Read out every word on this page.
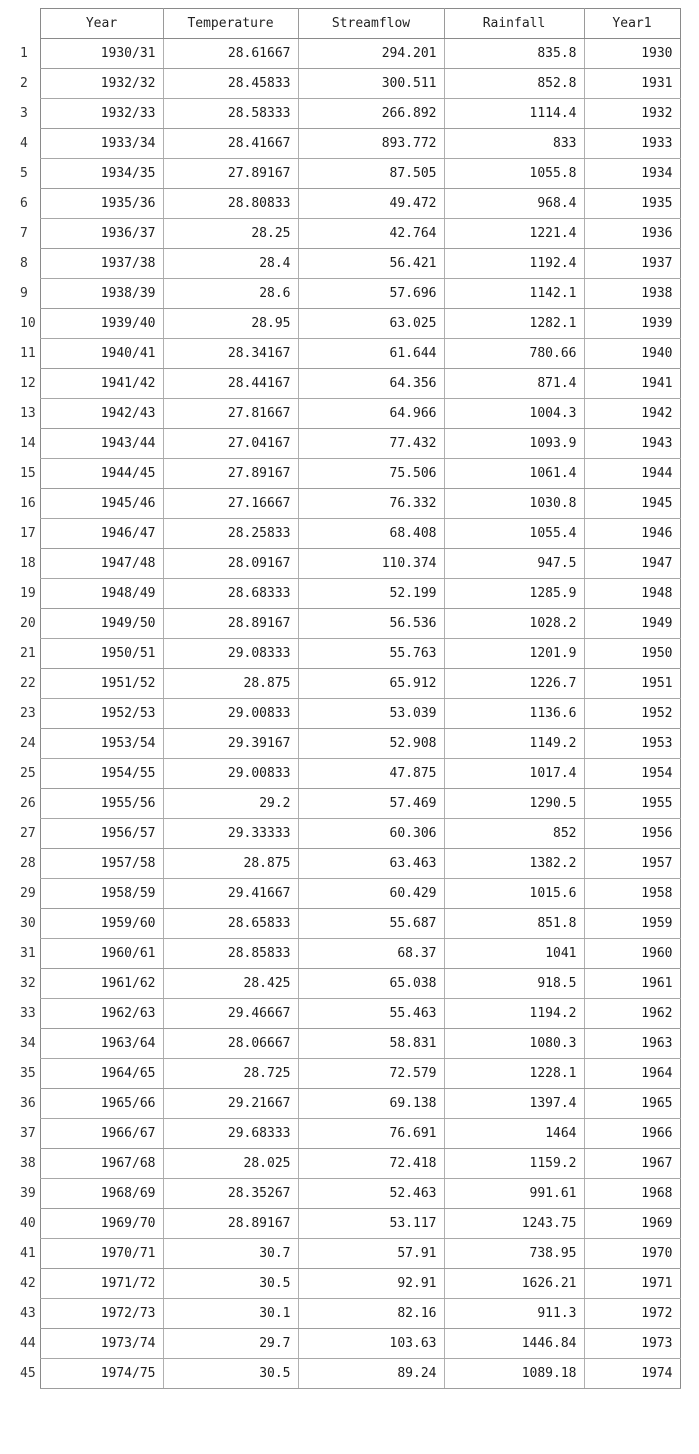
	Year	Temperature	Streamflow	Rainfall	Year1
1	1930/31	28.61667	294.201	835.8	1930
2	1932/32	28.45833	300.511	852.8	1931
3	1932/33	28.58333	266.892	1114.4	1932
4	1933/34	28.41667	893.772	833	1933
5	1934/35	27.89167	87.505	1055.8	1934
6	1935/36	28.80833	49.472	968.4	1935
7	1936/37	28.25	42.764	1221.4	1936
8	1937/38	28.4	56.421	1192.4	1937
9	1938/39	28.6	57.696	1142.1	1938
10	1939/40	28.95	63.025	1282.1	1939
11	1940/41	28.34167	61.644	780.66	1940
12	1941/42	28.44167	64.356	871.4	1941
13	1942/43	27.81667	64.966	1004.3	1942
14	1943/44	27.04167	77.432	1093.9	1943
15	1944/45	27.89167	75.506	1061.4	1944
16	1945/46	27.16667	76.332	1030.8	1945
17	1946/47	28.25833	68.408	1055.4	1946
18	1947/48	28.09167	110.374	947.5	1947
19	1948/49	28.68333	52.199	1285.9	1948
20	1949/50	28.89167	56.536	1028.2	1949
21	1950/51	29.08333	55.763	1201.9	1950
22	1951/52	28.875	65.912	1226.7	1951
23	1952/53	29.00833	53.039	1136.6	1952
24	1953/54	29.39167	52.908	1149.2	1953
25	1954/55	29.00833	47.875	1017.4	1954
26	1955/56	29.2	57.469	1290.5	1955
27	1956/57	29.33333	60.306	852	1956
28	1957/58	28.875	63.463	1382.2	1957
29	1958/59	29.41667	60.429	1015.6	1958
30	1959/60	28.65833	55.687	851.8	1959
31	1960/61	28.85833	68.37	1041	1960
32	1961/62	28.425	65.038	918.5	1961
33	1962/63	29.46667	55.463	1194.2	1962
34	1963/64	28.06667	58.831	1080.3	1963
35	1964/65	28.725	72.579	1228.1	1964
36	1965/66	29.21667	69.138	1397.4	1965
37	1966/67	29.68333	76.691	1464	1966
38	1967/68	28.025	72.418	1159.2	1967
39	1968/69	28.35267	52.463	991.61	1968
40	1969/70	28.89167	53.117	1243.75	1969
41	1970/71	30.7	57.91	738.95	1970
42	1971/72	30.5	92.91	1626.21	1971
43	1972/73	30.1	82.16	911.3	1972
44	1973/74	29.7	103.63	1446.84	1973
45	1974/75	30.5	89.24	1089.18	1974
